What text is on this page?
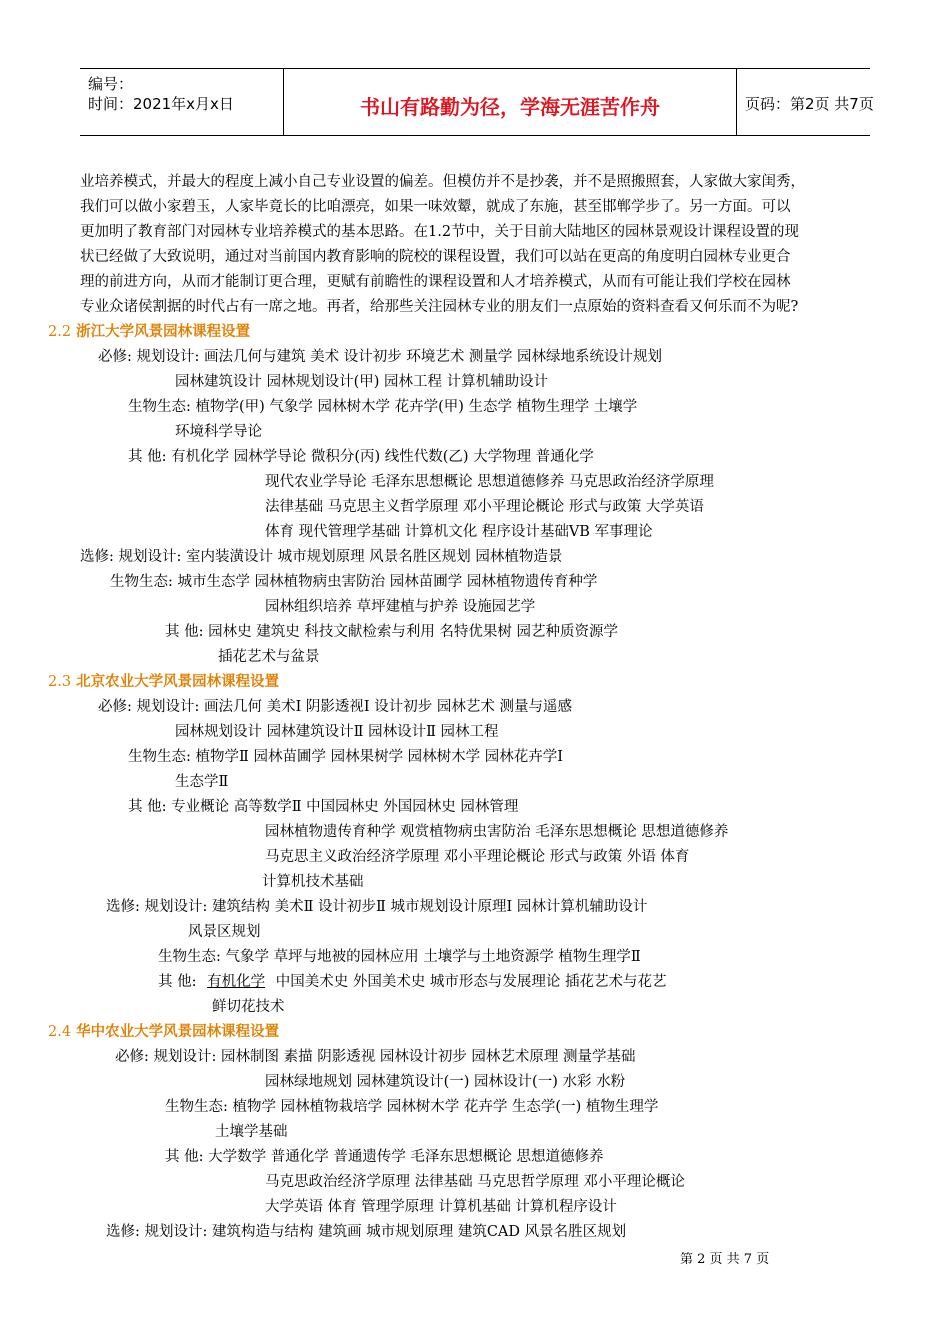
编号：
时间：2021年x月x日	书山有路勤为径，学海无涯苦作舟	页码：第2页 共7页
业培养模式，并最大的程度上减小自己专业设置的偏差。但模仿并不是抄袭，并不是照搬照套，人家做大家闺秀，
我们可以做小家碧玉，人家毕竟长的比咱漂亮，如果一味效颦，就成了东施，甚至邯郸学步了。另一方面。可以
更加明了教育部门对园林专业培养模式的基本思路。在1.2节中，关于目前大陆地区的园林景观设计课程设置的现
状已经做了大致说明，通过对当前国内教育影响的院校的课程设置，我们可以站在更高的角度明白园林专业更合
理的前进方向，从而才能制订更合理，更赋有前瞻性的课程设置和人才培养模式，从而有可能让我们学校在园林
专业众诸侯割据的时代占有一席之地。再者，给那些关注园林专业的朋友们一点原始的资料查看又何乐而不为呢?
2.2 浙江大学风景园林课程设置
必修: 规划设计: 画法几何与建筑 美术 设计初步 环境艺术 测量学 园林绿地系统设计规划
园林建筑设计 园林规划设计(甲) 园林工程 计算机辅助设计
生物生态: 植物学(甲) 气象学 园林树木学 花卉学(甲) 生态学 植物生理学 土壤学
环境科学导论
其 他: 有机化学 园林学导论 微积分(丙) 线性代数(乙) 大学物理 普通化学
现代农业学导论 毛泽东思想概论 思想道德修养 马克思政治经济学原理
法律基础 马克思主义哲学原理 邓小平理论概论 形式与政策 大学英语
体育 现代管理学基础 计算机文化 程序设计基础VB 军事理论
选修: 规划设计: 室内装潢设计 城市规划原理 风景名胜区规划 园林植物造景
生物生态: 城市生态学 园林植物病虫害防治 园林苗圃学 园林植物遗传育种学
园林组织培养 草坪建植与护养 设施园艺学
其 他: 园林史 建筑史 科技文献检索与利用 名特优果树 园艺种质资源学
插花艺术与盆景
2.3 北京农业大学风景园林课程设置
必修: 规划设计: 画法几何 美术Ⅰ 阴影透视Ⅰ 设计初步 园林艺术 测量与遥感
园林规划设计 园林建筑设计Ⅱ 园林设计Ⅱ 园林工程
生物生态: 植物学Ⅱ 园林苗圃学 园林果树学 园林树木学 园林花卉学Ⅰ
生态学Ⅱ
其 他: 专业概论 高等数学Ⅱ 中国园林史 外国园林史 园林管理
园林植物遗传育种学 观赏植物病虫害防治 毛泽东思想概论 思想道德修养
马克思主义政治经济学原理 邓小平理论概论 形式与政策 外语 体育
计算机技术基础
选修: 规划设计: 建筑结构 美术Ⅱ 设计初步Ⅱ 城市规划设计原理Ⅰ 园林计算机辅助设计
风景区规划
生物生态: 气象学 草坪与地被的园林应用 土壤学与土地资源学 植物生理学Ⅱ
其 他: 有机化学 中国美术史 外国美术史 城市形态与发展理论 插花艺术与花艺
鲜切花技术
2.4 华中农业大学风景园林课程设置
必修: 规划设计: 园林制图 素描 阴影透视 园林设计初步 园林艺术原理 测量学基础
园林绿地规划 园林建筑设计(一) 园林设计(一) 水彩 水粉
生物生态: 植物学 园林植物栽培学 园林树木学 花卉学 生态学(一) 植物生理学
土壤学基础
其 他: 大学数学 普通化学 普通遗传学 毛泽东思想概论 思想道德修养
马克思政治经济学原理 法律基础 马克思哲学原理 邓小平理论概论
大学英语 体育 管理学原理 计算机基础 计算机程序设计
选修: 规划设计: 建筑构造与结构 建筑画 城市规划原理 建筑CAD 风景名胜区规划
第 2 页 共 7 页
